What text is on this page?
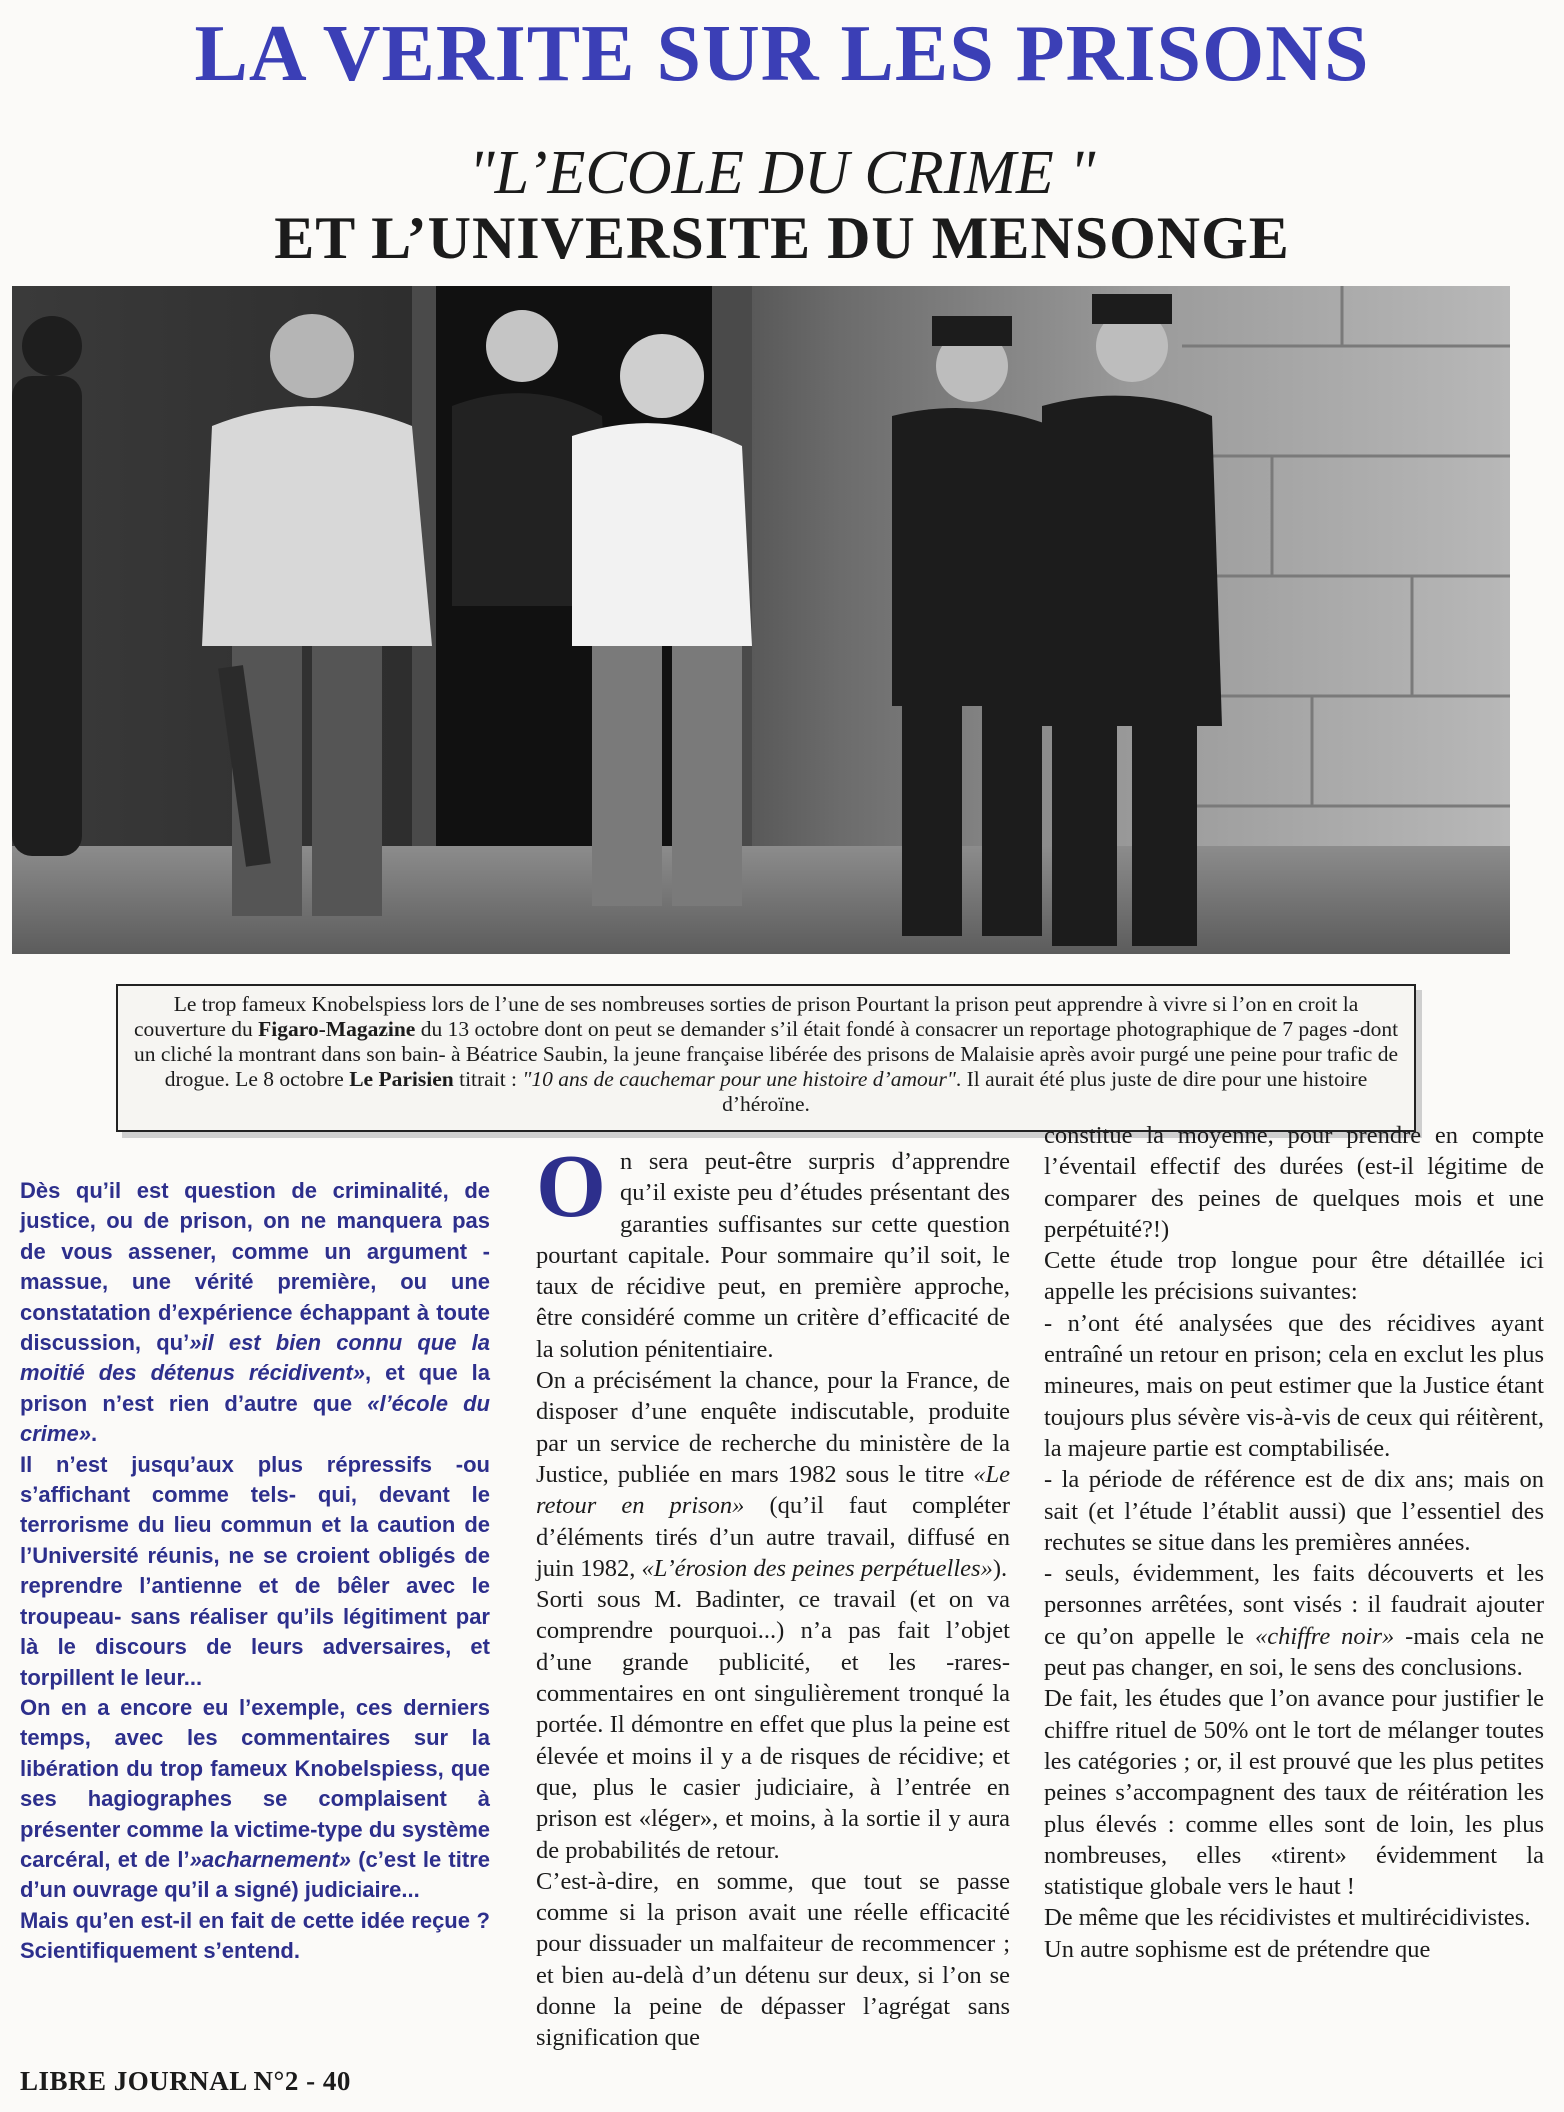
LA VERITE SUR LES PRISONS
"L’ECOLE DU CRIME "
ET L’UNIVERSITE DU MENSONGE
Le trop fameux Knobelspiess lors de l’une de ses nombreuses sorties de prison Pourtant la prison peut apprendre à vivre si l’on en croit la couverture du Figaro-Magazine du 13 octobre dont on peut se demander s’il était fondé à consacrer un reportage photographique de 7 pages -dont un cliché la montrant dans son bain- à Béatrice Saubin, la jeune française libérée des prisons de Malaisie après avoir purgé une peine pour trafic de drogue. Le 8 octobre Le Parisien titrait : "10 ans de cauchemar pour une histoire d’amour". Il aurait été plus juste de dire pour une histoire d’héroïne.

Dès qu’il est question de criminalité, de justice, ou de prison, on ne manquera pas de vous assener, comme un argument -massue, une vérité première, ou une constatation d’expérience échappant à toute discussion, qu’»il est bien connu que la moitié des détenus récidivent», et que la prison n’est rien d’autre que «l’école du crime».

Il n’est jusqu’aux plus répressifs -ou s’affichant comme tels- qui, devant le terrorisme du lieu commun et la caution de l’Université réunis, ne se croient obligés de reprendre l’antienne et de bêler avec le troupeau- sans réaliser qu’ils légitiment par là le discours de leurs adversaires, et torpillent le leur...

On en a encore eu l’exemple, ces derniers temps, avec les commentaires sur la libération du trop fameux Knobelspiess, que ses hagiographes se complaisent à présenter comme la victime-type du système carcéral, et de l’»acharnement» (c’est le titre d’un ouvrage qu’il a signé) judiciaire...

Mais qu’en est-il en fait de cette idée reçue ? Scientifiquement s’entend.

O n sera peut-être surpris d’apprendre qu’il existe peu d’études présentant des garanties suffisantes sur cette question pourtant capitale. Pour sommaire qu’il soit, le taux de récidive peut, en première approche, être considéré comme un critère d’efficacité de la solution pénitentiaire.

On a précisément la chance, pour la France, de disposer d’une enquête indiscutable, produite par un service de recherche du ministère de la Justice, publiée en mars 1982 sous le titre «Le retour en prison» (qu’il faut compléter d’éléments tirés d’un autre travail, diffusé en juin 1982, «L’érosion des peines perpétuelles»).

Sorti sous M. Badinter, ce travail (et on va comprendre pourquoi...) n’a pas fait l’objet d’une grande publicité, et les -rares- commentaires en ont singulièrement tronqué la portée. Il démontre en effet que plus la peine est élevée et moins il y a de risques de récidive; et que, plus le casier judiciaire, à l’entrée en prison est «léger», et moins, à la sortie il y aura de probabilités de retour.

C’est-à-dire, en somme, que tout se passe comme si la prison avait une réelle efficacité pour dissuader un malfaiteur de recommencer ; et bien au-delà d’un détenu sur deux, si l’on se donne la peine de dépasser l’agrégat sans signification que

constitue la moyenne, pour prendre en compte l’éventail effectif des durées (est-il légitime de comparer des peines de quelques mois et une perpétuité?!)

Cette étude trop longue pour être détaillée ici appelle les précisions suivantes:

- n’ont été analysées que des récidives ayant entraîné un retour en prison; cela en exclut les plus mineures, mais on peut estimer que la Justice étant toujours plus sévère vis-à-vis de ceux qui réitèrent, la majeure partie est comptabilisée.

- la période de référence est de dix ans; mais on sait (et l’étude l’établit aussi) que l’essentiel des rechutes se situe dans les premières années.

- seuls, évidemment, les faits découverts et les personnes arrêtées, sont visés : il faudrait ajouter ce qu’on appelle le «chiffre noir» -mais cela ne peut pas changer, en soi, le sens des conclusions.

De fait, les études que l’on avance pour justifier le chiffre rituel de 50% ont le tort de mélanger toutes les catégories ; or, il est prouvé que les plus petites peines s’accompagnent des taux de réitération les plus élevés : comme elles sont de loin, les plus nombreuses, elles «tirent» évidemment la statistique globale vers le haut !

De même que les récidivistes et multirécidivistes.

Un autre sophisme est de prétendre que

LIBRE JOURNAL N°2 - 40
